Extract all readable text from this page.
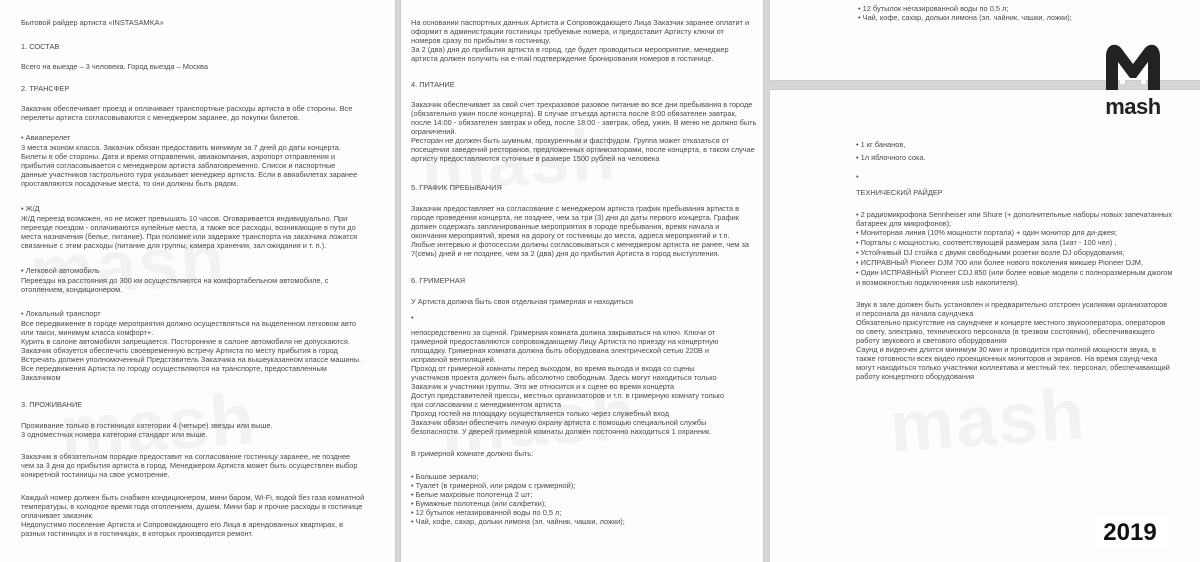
Бытовой райдер артиста «INSTASAMKA»
1. СОСТАВ
Всего на выезде – 3 человека. Город выезда – Москва
2. ТРАНСФЕР
Заказчик обеспечивает проезд и оплачивает транспортные расходы артиста в обе стороны. Все
перелеты артиста согласовываются с менеджером заранее, до покупки билетов.
• Авиаперелет
3 места эконом класса. Заказчик обязан предоставить минимум за 7 дней до даты концерта.
Билеты в обе стороны. Дата и время отправления, авиакомпания, аэропорт отправления и
прибытия согласовывается с менеджером артиста заблаговременно. Список и паспортные
данные участников гастрольного тура указывает менеджер артиста. Если в авиабилетах заранее
проставляются посадочные места, то они должны быть рядом.
• Ж/Д
Ж/Д переезд возможен, но не может превышать 10 часов. Оговаривается индивидуально. При
переезде поездом - оплачиваются купейные места, а также все расходы, возникающие в пути до
места назначения (белье, питание). При поломке или задержке транспорта на заказчика ложатся
связанные с этим расходы (питание для группы, камера хранения, зал ожидания и т. п.).
• Легковой автомобиль
Переезды на расстояния до 300 км осуществляются на комфортабельном автомобиле, с
отоплением, кондиционером.
• Локальный транспорт
Все передвижение в городе мероприятия должно осуществляться на выделенном легковом авто
или такси, минимум класса комфорт+.
Курить в салоне автомобиля запрещается. Посторонние в салоне автомобиля не допускаются.
Заказчик обязуется обеспечить своевременную встречу Артиста по месту прибытия в город
Встречать должен уполномоченный Представитель Заказчика на вышеуказанном классе машины.
Все передвижения Артиста по городу осуществляются на транспорте, предоставленным
Заказчиком
3. ПРОЖИВАНИЕ
Проживание только в гостиницах категории 4 (четыре) звезды или выше.
3 одноместных номера категории стандарт или выше.
Заказчик в обязательном порядке предоставит на согласование гостиницу заранее, не позднее
чем за 3 дня до прибытия артиста в город. Менеджером Артиста может быть осуществлен выбор
конкретной гостиницы на свое усмотрение.
Каждый номер должен быть снабжен кондиционером, мини баром, Wi-Fi, водой без газа комнатной
температуры, в холодное время года отоплением, душем. Мини бар и прочие расходы в гостинице
оплачивает заказчик.
Недопустимо поселение Артиста и Сопровождающего его Лица в арендованных квартирах, в
разных гостиницах и в гостиницах, в которых производится ремонт.
На основании паспортных данных Артиста и Сопровождающего Лица Заказчик заранее оплатит и
оформит в администрации гостиницы требуемые номера, и предоставит Артисту ключи от
номеров сразу по прибытии в гостиницу.
За 2 (два) дня до прибытия артиста в город, где будет проводиться мероприятие, менеджер
артиста должен получить на e-mail подтверждение бронирования номеров в гостинице.
4. ПИТАНИЕ
Заказчик обеспечивает за свой счет трехразовое разовое питание во все дни пребывания в городе
(обязательно ужин после концерта). В случае отъезда артиста после 8:00 обязателен завтрак,
после 14:00 - обязателен завтрак и обед, после 18:00 - завтрак, обед, ужин. В меню не должно быть
ограничений.
Ресторан не должен быть шумным, прокуренным и фастфудом. Группа может отказаться от
посещения заведений ресторанов, предложенных организаторами, после концерта, в таком случае
артисту предоставляются суточные в размере 1500 рублей на человека
5. ГРАФИК ПРЕБЫВАНИЯ
Заказчик предоставляет на согласование с менеджером артиста график пребывания артиста в
городе проведения концерта, не позднее, чем за три (3) дня до даты первого концерта. График
должен содержать запланированные мероприятия в городе пребывания, время начала и
окончания мероприятий, время на дорогу от гостиницы до места, адреса мероприятий и т.п.
Любые интервью и фотосессии должны согласовываться с менеджером артиста не ранее, чем за
7(семь) дней и не позднее, чем за 2 (два) дня до прибытия Артиста в город выступления.
6. ГРИМЕРНАЯ
У Артиста должна быть своя отдельная гримерная и находиться
•
непосредственно за сценой. Гримерная комната должна закрываться на ключ. Ключи от
гримерной предоставляются сопровождающему Лицу Артиста по приезду на концертную
площадку. Гримерная комната должна быть оборудована электрической сетью 220В и
исправной вентиляцией.
Проход от гримерной комнаты перед выходом, во время выхода и входа со сцены
участников проекта должен быть абсолютно свободным. Здесь могут находиться только
Заказчик и участники группы. Это же относится и к сцене во время концерта
Доступ представителей прессы, местных организаторов и т.п. в гримерную комнату только
при согласовании с менеджментом артиста
Проход гостей на площадку осуществляется только через служебный вход
Заказчик обязан обеспечить личную охрану артиста с помощью специальной службы
безопасности. У дверей гримерной комнаты должен постоянно находиться 1 охранник.
В гримерной комнате должно быть:
• Большое зеркало;
• Туалет (в гримерной, или рядом с гримерной);
• Белые махровые полотенца 2 шт;
• Бумажные полотенца (или салфетки);
• 12 бутылок негазированной воды по 0,5 л;
• Чай, кофе, сахар, дольки лимона (эл. чайник, чашки, ложки);
• 12 бутылок негазированной воды по 0,5 л;
• Чай, кофе, сахар, дольки лимона (эл. чайник, чашки, ложки);
• 1 кг бананов,
• 1л яблочного сока.
•
ТЕХНИЧЕСКИЙ РАЙДЕР
• 2 радиомикрофона Sennheiser или Shure (+ дополнительные наборы новых запечатанных
батареек для микрофонов);
• Мониторная линия (10% мощности портала) + один монитор для ди-джея;
• Порталы с мощностью, соответствующей размерам зала (1кат - 100 чел) ,
• Устойчивый DJ стойка с двумя свободными розетки возле DJ оборудования;
• ИСПРАВНЫЙ Pioneer DJM 700 или более нового поколения микшер Pioneer DJM,
• Один ИСПРАВНЫЙ Pioneer CDJ 850 (или более новые модели с полноразмерным джогом
и возможностью подключения usb накопителя).
Звук в зале должен быть установлен и предварительно отстроен усилиями организаторов
и персонала до начала саундчека
Обязательно присутствие на саундчеке и концерте местного звукооператора, операторов
по свету, электрико, технического персонала (в трезвом состоянии), обеспечивающего
работу звукового и светового оборудования
Саунд и видеочек длится минимум 30 мин и проводится при полной мощности звука, в
также готовности всех видео проекционных мониторов и экранов. На время саунд-чека
могут находиться только участники коллектива и местный тех. персонал, обеспечивающий
работу концертного оборудования
mash
2019
